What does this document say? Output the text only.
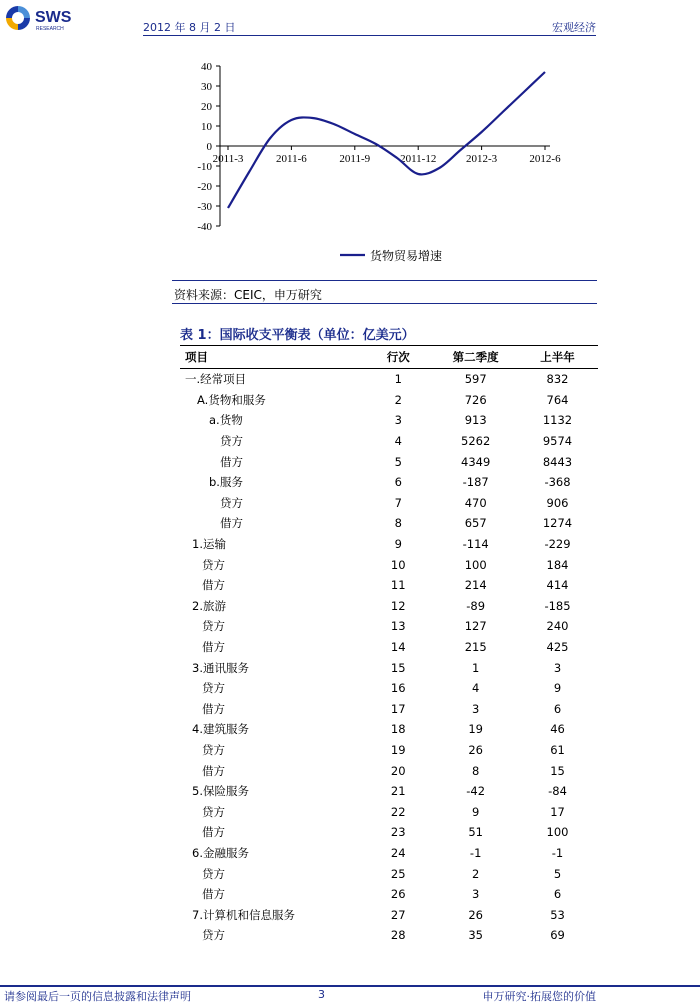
SWS
RESEARCH	2012 年 8 月 2 日	宏观经济
40
30
20
10
0
-10
-20
-30
-40
2011-3	2011-6	2011-9	2011-12	2012-3	2012-6
货物贸易增速
资料来源：CEIC，申万研究
表 1：国际收支平衡表（单位：亿美元）
项目	行次	第二季度	上半年
一.经常项目	1	597	832
A.货物和服务	2	726	764
a.货物	3	913	1132
贷方	4	5262	9574
借方	5	4349	8443
b.服务	6	-187	-368
贷方	7	470	906
借方	8	657	1274
1.运输	9	-114	-229
贷方	10	100	184
借方	11	214	414
2.旅游	12	-89	-185
贷方	13	127	240
借方	14	215	425
3.通讯服务	15	1	3
贷方	16	4	9
借方	17	3	6
4.建筑服务	18	19	46
贷方	19	26	61
借方	20	8	15
5.保险服务	21	-42	-84
贷方	22	9	17
借方	23	51	100
6.金融服务	24	-1	-1
贷方	25	2	5
借方	26	3	6
7.计算机和信息服务	27	26	53
贷方	28	35	69
请参阅最后一页的信息披露和法律声明	3	申万研究·拓展您的价值
